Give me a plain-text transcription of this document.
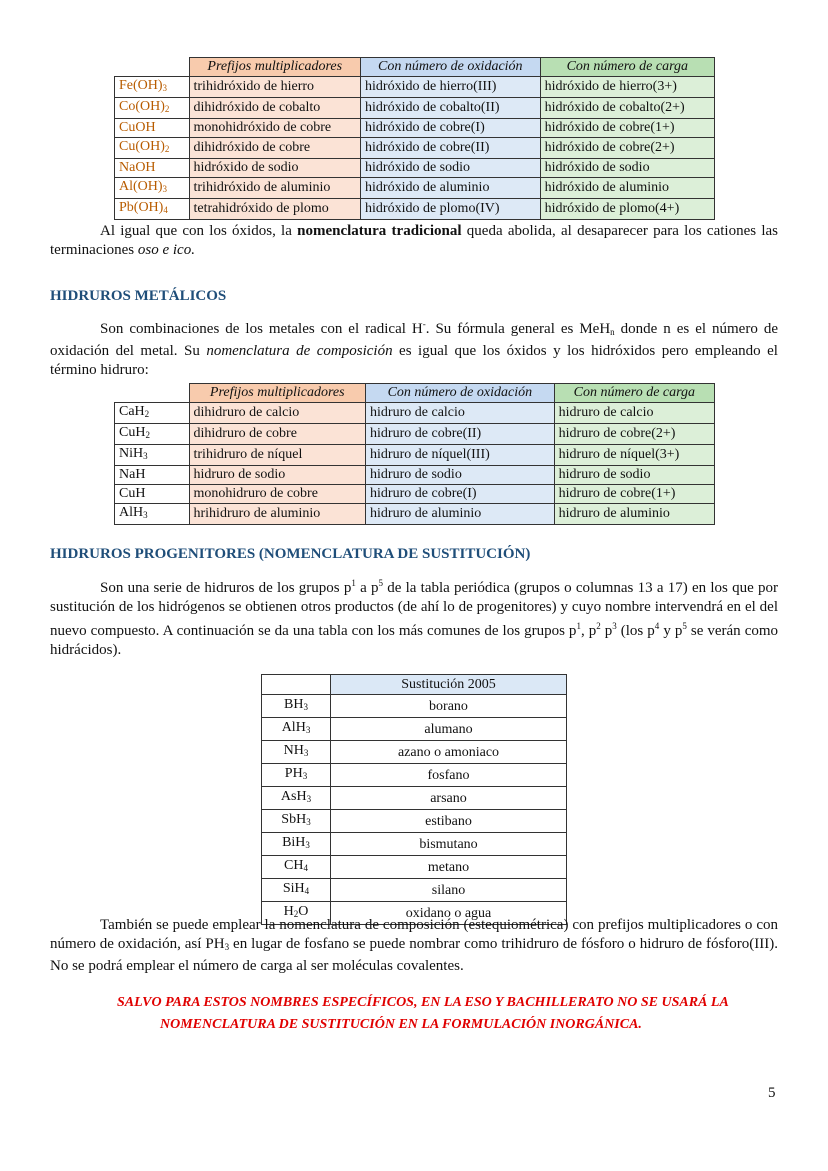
	Prefijos multiplicadores	Con número de oxidación	Con número de carga
$Fe(OH)_3$	trihidróxido de hierro	hidróxido de hierro(III)	hidróxido de hierro(3+)
$Co(OH)_2$	dihidróxido de cobalto	hidróxido de cobalto(II)	hidróxido de cobalto(2+)
CuOH	monohidróxido de cobre	hidróxido de cobre(I)	hidróxido de cobre(1+)
$Cu(OH)_2$	dihidróxido de cobre	hidróxido de cobre(II)	hidróxido de cobre(2+)
NaOH	hidróxido de sodio	hidróxido de sodio	hidróxido de sodio
$Al(OH)_3$	trihidróxido de aluminio	hidróxido de aluminio	hidróxido de aluminio
$Pb(OH)_4$	tetrahidróxido de plomo	hidróxido de plomo(IV)	hidróxido de plomo(4+)

Al igual que con los óxidos, la nomenclatura tradicional queda abolida, al desaparecer para los cationes las terminaciones oso e ico.

HIDRUROS METÁLICOS

Son combinaciones de los metales con el radical H-. Su fórmula general es MeH$_n$ donde n es el número de oxidación del metal. Su nomenclatura de composición es igual que los óxidos y los hidróxidos pero empleando el término hidruro:

	Prefijos multiplicadores	Con número de oxidación	Con número de carga
CaH$_2$	dihidruro de calcio	hidruro de calcio	hidruro de calcio
CuH$_2$	dihidruro de cobre	hidruro de cobre(II)	hidruro de cobre(2+)
NiH$_3$	trihidruro de níquel	hidruro de níquel(III)	hidruro de níquel(3+)
NaH	hidruro de sodio	hidruro de sodio	hidruro de sodio
CuH	monohidruro de cobre	hidruro de cobre(I)	hidruro de cobre(1+)
AlH$_3$	hrihidruro de aluminio	hidruro de aluminio	hidruro de aluminio
HIDRUROS PROGENITORES (NOMENCLATURA DE SUSTITUCIÓN)

Son una serie de hidruros de los grupos $p^1$ a $p^5$ de la tabla periódica (grupos o columnas 13 a 17) en los que por sustitución de los hidrógenos se obtienen otros productos (de ahí lo de progenitores) y cuyo nombre intervendrá en el del nuevo compuesto. A continuación se da una tabla con los más comunes de los grupos $p^1$, $p^2$ $p^3$ (los $p^4$ y $p^5$ se verán como hidrácidos).

	Sustitución 2005
$BH_3$	borano
AlH$_3$	alumano
$NH_3$	azano o amoniaco
$PH_3$	fosfano
AsH$_3$	arsano
SbH$_3$	estibano
BiH$_3$	bismutano
$CH_4$	metano
SiH$_4$	silano
$H_2O$	oxidano o agua

También se puede emplear la nomenclatura de composición (estequiométrica) con prefijos multiplicadores o con número de oxidación, así $PH_3$ en lugar de fosfano se puede nombrar como trihidruro de fósforo o hidruro de fósforo(III). No se podrá emplear el número de carga al ser moléculas covalentes.

SALVO PARA ESTOS NOMBRES ESPECÍFICOS, EN LA ESO Y BACHILLERATO NO SE USARÁ LA
NOMENCLATURA DE SUSTITUCIÓN EN LA FORMULACIÓN INORGÁNICA.

5
